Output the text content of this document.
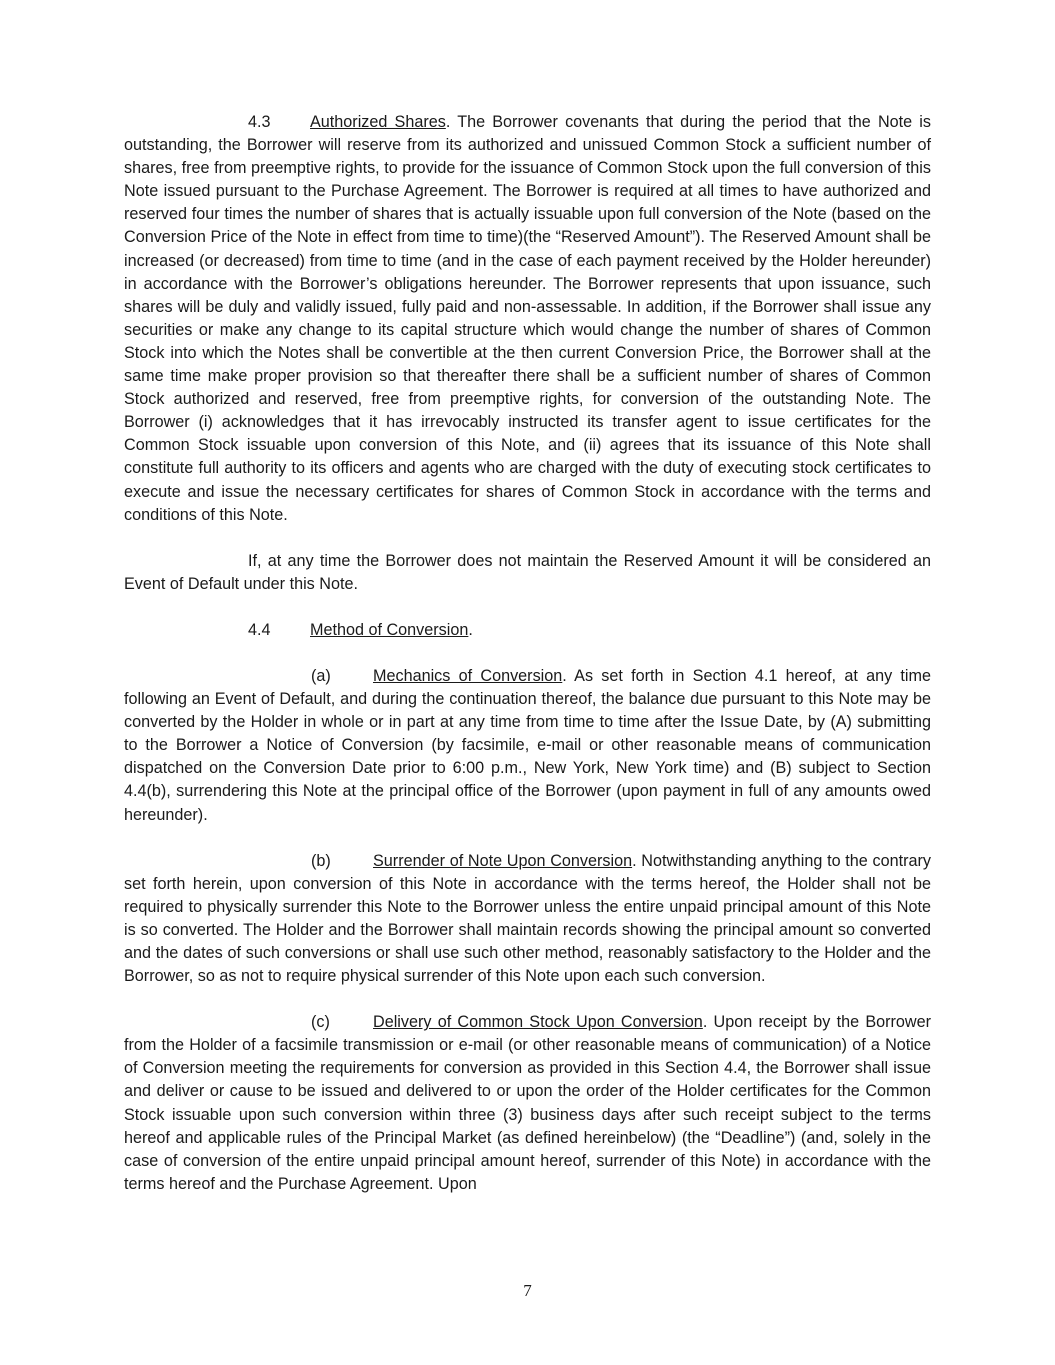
4.3 Authorized Shares. The Borrower covenants that during the period that the Note is outstanding, the Borrower will reserve from its authorized and unissued Common Stock a sufficient number of shares, free from preemptive rights, to provide for the issuance of Common Stock upon the full conversion of this Note issued pursuant to the Purchase Agreement. The Borrower is required at all times to have authorized and reserved four times the number of shares that is actually issuable upon full conversion of the Note (based on the Conversion Price of the Note in effect from time to time)(the “Reserved Amount”). The Reserved Amount shall be increased (or decreased) from time to time (and in the case of each payment received by the Holder hereunder) in accordance with the Borrower’s obligations hereunder. The Borrower represents that upon issuance, such shares will be duly and validly issued, fully paid and non-assessable. In addition, if the Borrower shall issue any securities or make any change to its capital structure which would change the number of shares of Common Stock into which the Notes shall be convertible at the then current Conversion Price, the Borrower shall at the same time make proper provision so that thereafter there shall be a sufficient number of shares of Common Stock authorized and reserved, free from preemptive rights, for conversion of the outstanding Note. The Borrower (i) acknowledges that it has irrevocably instructed its transfer agent to issue certificates for the Common Stock issuable upon conversion of this Note, and (ii) agrees that its issuance of this Note shall constitute full authority to its officers and agents who are charged with the duty of executing stock certificates to execute and issue the necessary certificates for shares of Common Stock in accordance with the terms and conditions of this Note.

If, at any time the Borrower does not maintain the Reserved Amount it will be considered an Event of Default under this Note.

4.4 Method of Conversion.

(a)	Mechanics of Conversion. As set forth in Section 4.1 hereof, at any time following an Event of Default, and during the continuation thereof, the balance due pursuant to this Note may be converted by the Holder in whole or in part at any time from time to time after the Issue Date, by (A) submitting to the Borrower a Notice of Conversion (by facsimile, e-mail or other reasonable means of communication dispatched on the Conversion Date prior to 6:00 p.m., New York, New York time) and (B) subject to Section 4.4(b), surrendering this Note at the principal office of the Borrower (upon payment in full of any amounts owed hereunder).

(b)	Surrender of Note Upon Conversion. Notwithstanding anything to the contrary set forth herein, upon conversion of this Note in accordance with the terms hereof, the Holder shall not be required to physically surrender this Note to the Borrower unless the entire unpaid principal amount of this Note is so converted. The Holder and the Borrower shall maintain records showing the principal amount so converted and the dates of such conversions or shall use such other method, reasonably satisfactory to the Holder and the Borrower, so as not to require physical surrender of this Note upon each such conversion.

(c)	Delivery of Common Stock Upon Conversion. Upon receipt by the Borrower from the Holder of a facsimile transmission or e-mail (or other reasonable means of communication) of a Notice of Conversion meeting the requirements for conversion as provided in this Section 4.4, the Borrower shall issue and deliver or cause to be issued and delivered to or upon the order of the Holder certificates for the Common Stock issuable upon such conversion within three (3) business days after such receipt subject to the terms hereof and applicable rules of the Principal Market (as defined hereinbelow) (the “Deadline”) (and, solely in the case of conversion of the entire unpaid principal amount hereof, surrender of this Note) in accordance with the terms hereof and the Purchase Agreement. Upon

7
